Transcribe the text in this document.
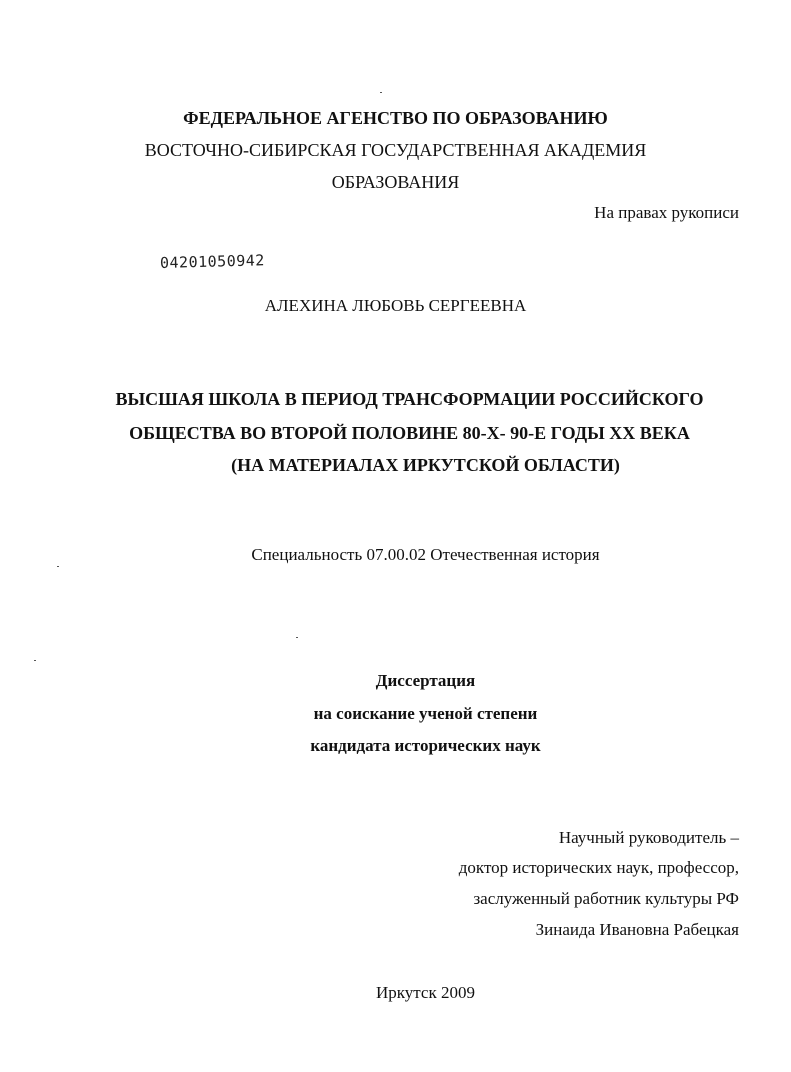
ФЕДЕРАЛЬНОЕ АГЕНСТВО ПО ОБРАЗОВАНИЮ
ВОСТОЧНО-СИБИРСКАЯ ГОСУДАРСТВЕННАЯ АКАДЕМИЯ
ОБРАЗОВАНИЯ
На правах рукописи
04201050942
АЛЕХИНА ЛЮБОВЬ СЕРГЕЕВНА
ВЫСШАЯ ШКОЛА В ПЕРИОД ТРАНСФОРМАЦИИ РОССИЙСКОГО
ОБЩЕСТВА ВО ВТОРОЙ ПОЛОВИНЕ 80-Х- 90-Е ГОДЫ ХХ ВЕКА
(НА МАТЕРИАЛАХ ИРКУТСКОЙ ОБЛАСТИ)
Специальность 07.00.02 Отечественная история
Диссертация
на соискание ученой степени
кандидата исторических наук
Научный руководитель –
доктор исторических наук, профессор,
заслуженный работник культуры РФ
Зинаида Ивановна Рабецкая
Иркутск 2009
